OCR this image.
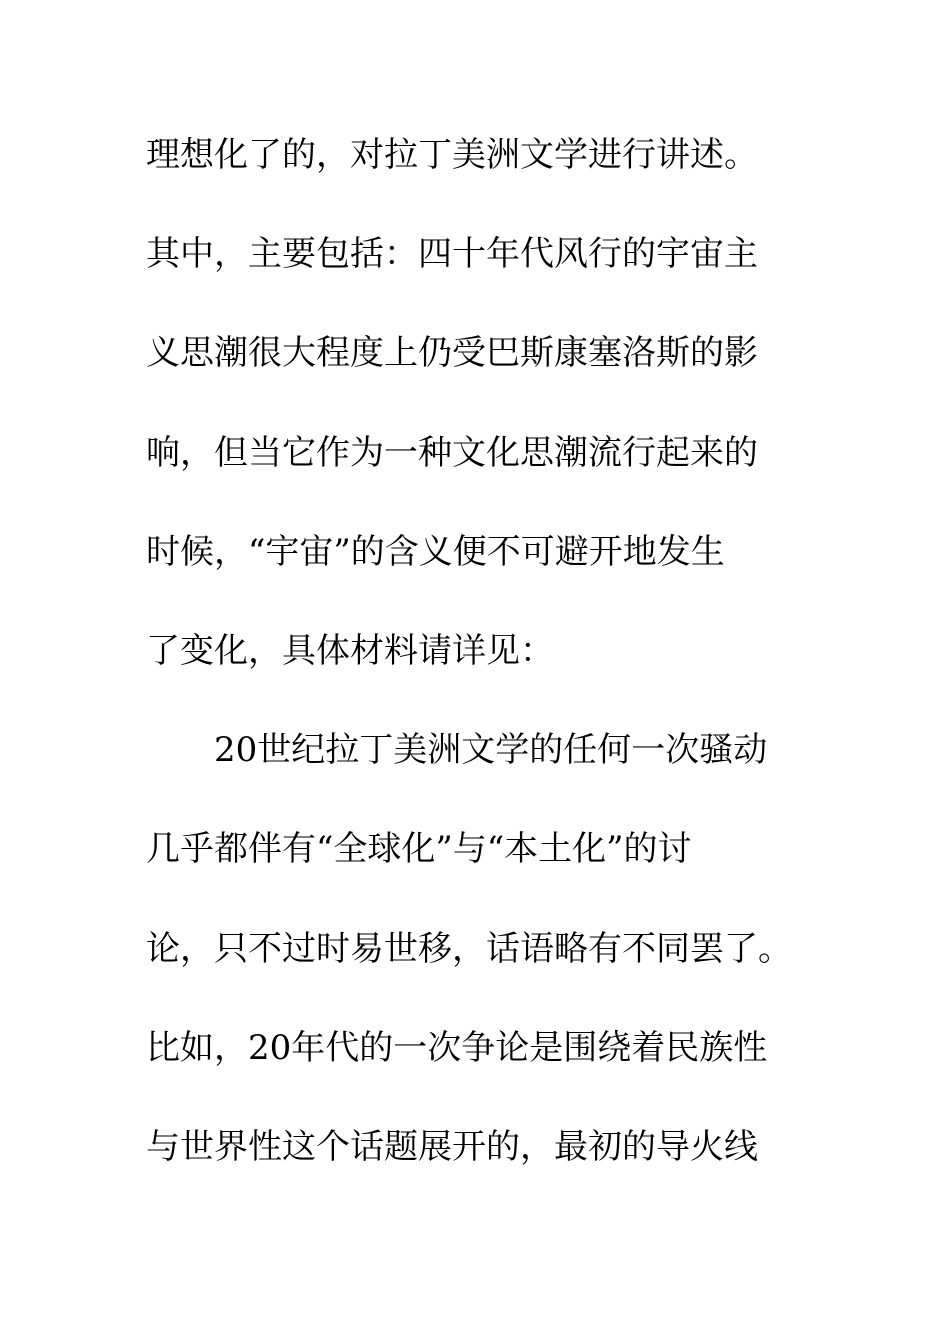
理想化了的，对拉丁美洲文学进行讲述。
其中，主要包括：四十年代风行的宇宙主
义思潮很大程度上仍受巴斯康塞洛斯的影
响，但当它作为一种文化思潮流行起来的
时候，“宇宙”的含义便不可避开地发生
了变化，具体材料请详见：
20世纪拉丁美洲文学的任何一次骚动
几乎都伴有“全球化”与“本土化”的讨
论，只不过时易世移，话语略有不同罢了。
比如，20年代的一次争论是围绕着民族性
与世界性这个话题展开的，最初的导火线
